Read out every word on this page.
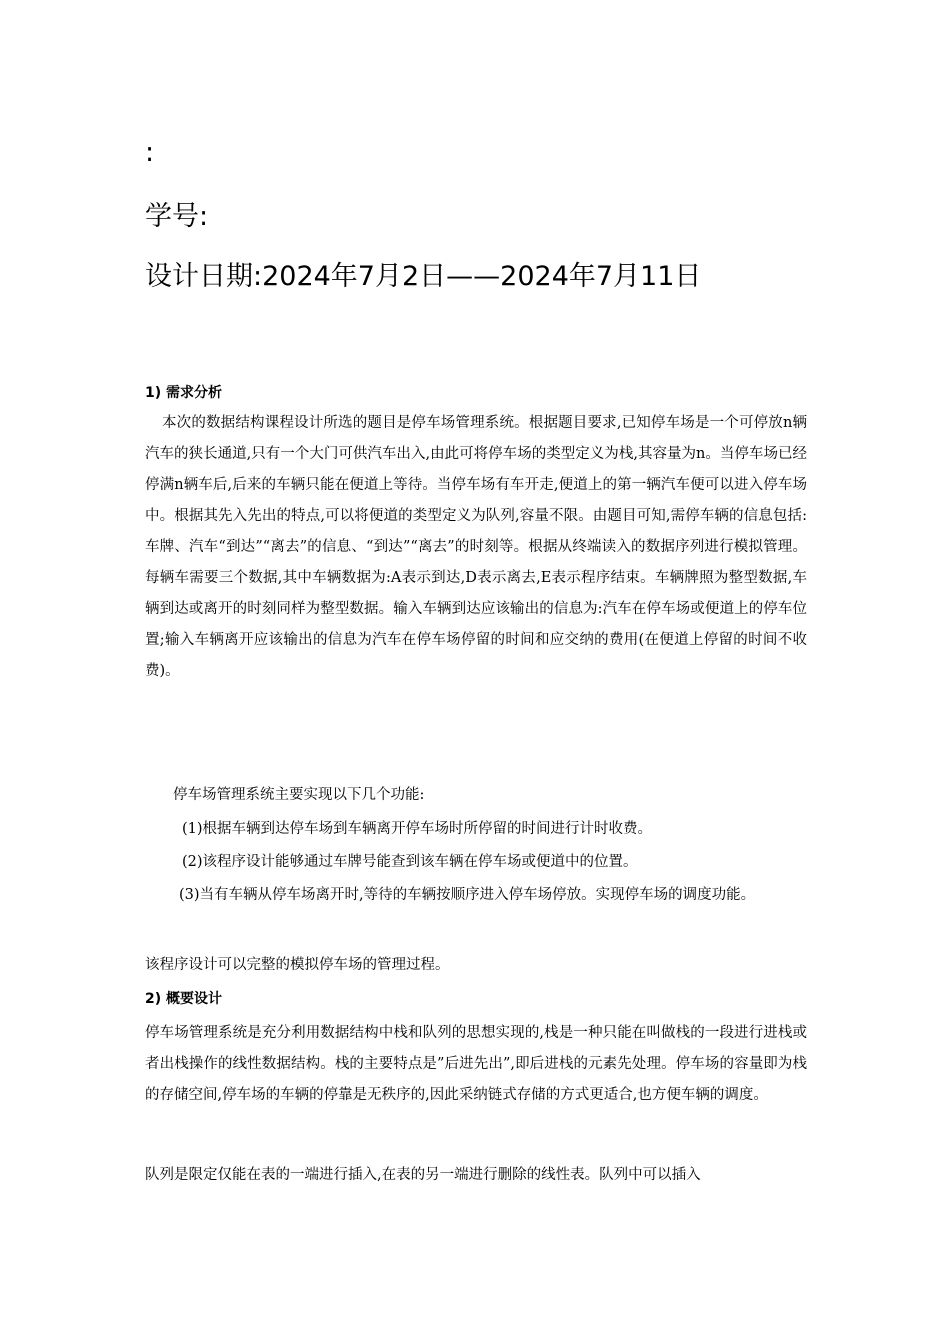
:
学号:
设计日期:2024年7月2日——2024年7月11日
1) 需求分析

本次的数据结构课程设计所选的题目是停车场管理系统。根据题目要求,已知停车场是一个可停放n辆汽车的狭长通道,只有一个大门可供汽车出入,由此可将停车场的类型定义为栈,其容量为n。当停车场已经停满n辆车后,后来的车辆只能在便道上等待。当停车场有车开走,便道上的第一辆汽车便可以进入停车场中。根据其先入先出的特点,可以将便道的类型定义为队列,容量不限。由题目可知,需停车辆的信息包括:车牌、汽车“到达”“离去”的信息、“到达”“离去”的时刻等。根据从终端读入的数据序列进行模拟管理。每辆车需要三个数据,其中车辆数据为:A表示到达,D表示离去,E表示程序结束。车辆牌照为整型数据,车辆到达或离开的时刻同样为整型数据。输入车辆到达应该输出的信息为:汽车在停车场或便道上的停车位置;输入车辆离开应该输出的信息为汽车在停车场停留的时间和应交纳的费用(在便道上停留的时间不收费)。

停车场管理系统主要实现以下几个功能:
(1)根据车辆到达停车场到车辆离开停车场时所停留的时间进行计时收费。
(2)该程序设计能够通过车牌号能查到该车辆在停车场或便道中的位置。

(3)当有车辆从停车场离开时,等待的车辆按顺序进入停车场停放。实现停车场的调度功能。

该程序设计可以完整的模拟停车场的管理过程。
2) 概要设计

停车场管理系统是充分利用数据结构中栈和队列的思想实现的,栈是一种只能在叫做栈的一段进行进栈或者出栈操作的线性数据结构。栈的主要特点是”后进先出”,即后进栈的元素先处理。停车场的容量即为栈的存储空间,停车场的车辆的停靠是无秩序的,因此采纳链式存储的方式更适合,也方便车辆的调度。

队列是限定仅能在表的一端进行插入,在表的另一端进行删除的线性表。队列中可以插入
